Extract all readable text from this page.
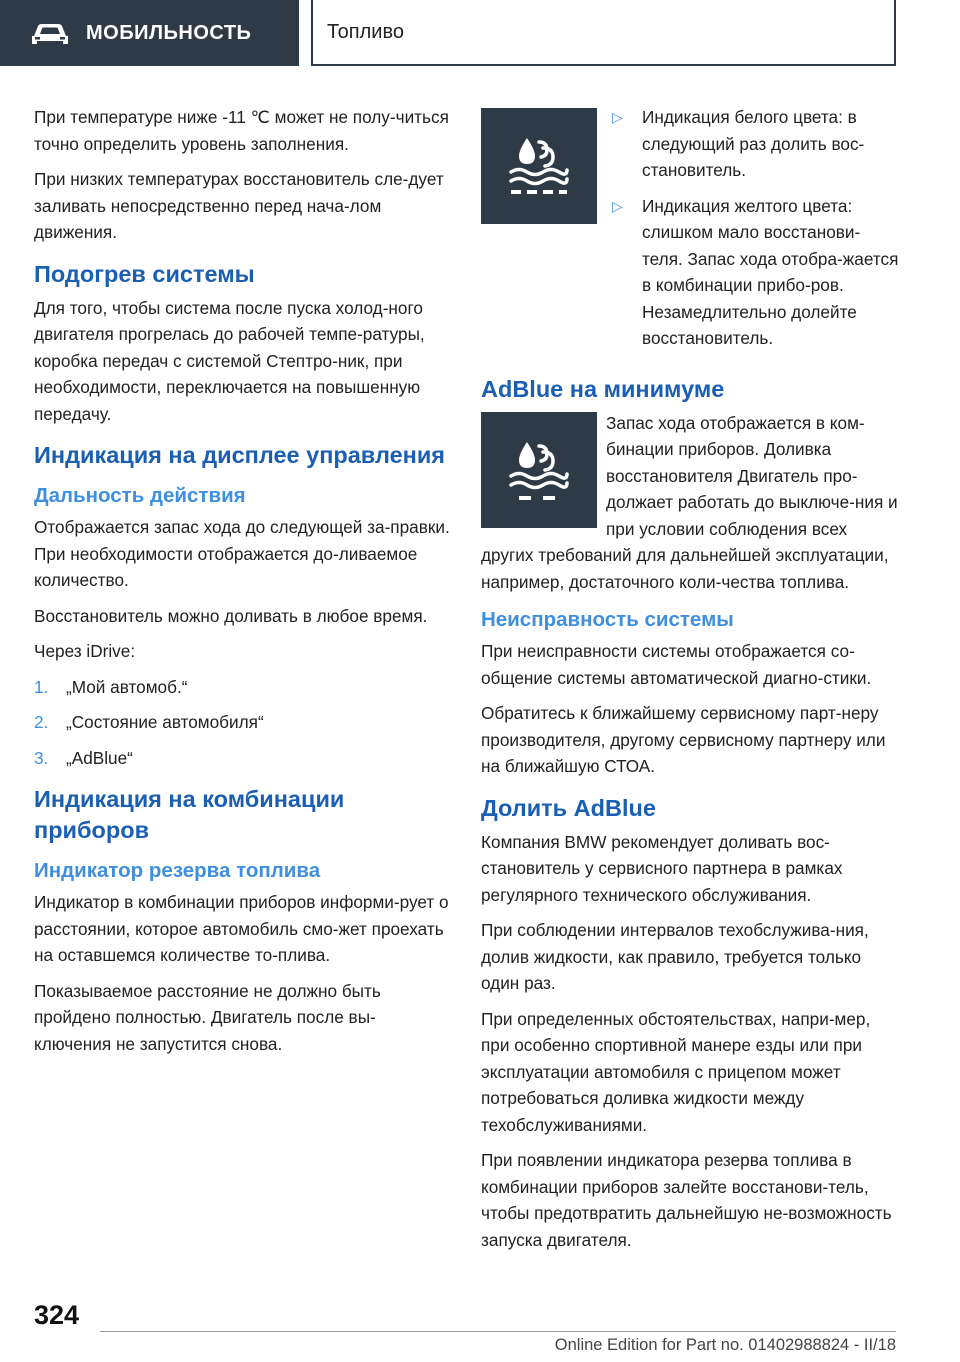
МОБИЛЬНОСТЬ	Топливо

При температуре ниже -11 ℃ может не полу-читься точно определить уровень заполнения.

При низких температурах восстановитель сле-дует заливать непосредственно перед нача-лом движения.

Подогрев системы

Для того, чтобы система после пуска холод-ного двигателя прогрелась до рабочей темпе-ратуры, коробка передач с системой Стептро-ник, при необходимости, переключается на повышенную передачу.

Индикация на дисплее управления
Дальность действия

Отображается запас хода до следующей за-правки. При необходимости отображается до-ливаемое количество.

Восстановитель можно доливать в любое время.

Через iDrive:

1.	„Мой автомоб.“
2.	„Состояние автомобиля“
3.	„AdBlue“
Индикация на комбинации приборов
Индикатор резерва топлива

Индикатор в комбинации приборов информи-рует о расстоянии, которое автомобиль смо-жет проехать на оставшемся количестве то-плива.

Показываемое расстояние не должно быть пройдено полностью. Двигатель после вы-ключения не запустится снова.

▷	Индикация белого цвета: в следующий раз долить вос-становитель.
▷	Индикация желтого цвета: слишком мало восстанови-теля. Запас хода отобра-жается в комбинации прибо-ров. Незамедлительно долейте восстановитель.
AdBlue на минимуме

Запас хода отображается в ком-бинации приборов. Доливка восстановителя Двигатель про-должает работать до выключе-ния и при условии соблюдения всех других требований для дальнейшей эксплуатации, например, достаточного коли-чества топлива.

Неисправность системы

При неисправности системы отображается со-общение системы автоматической диагно-стики.

Обратитесь к ближайшему сервисному парт-неру производителя, другому сервисному партнеру или на ближайшую СТОА.

Долить AdBlue

Компания BMW рекомендует доливать вос-становитель у сервисного партнера в рамках регулярного технического обслуживания.

При соблюдении интервалов техобслужива-ния, долив жидкости, как правило, требуется только один раз.

При определенных обстоятельствах, напри-мер, при особенно спортивной манере езды или при эксплуатации автомобиля с прицепом может потребоваться доливка жидкости между техобслуживаниями.

При появлении индикатора резерва топлива в комбинации приборов залейте восстанови-тель, чтобы предотвратить дальнейшую не-возможность запуска двигателя.

324
Online Edition for Part no. 01402988824 - II/18
